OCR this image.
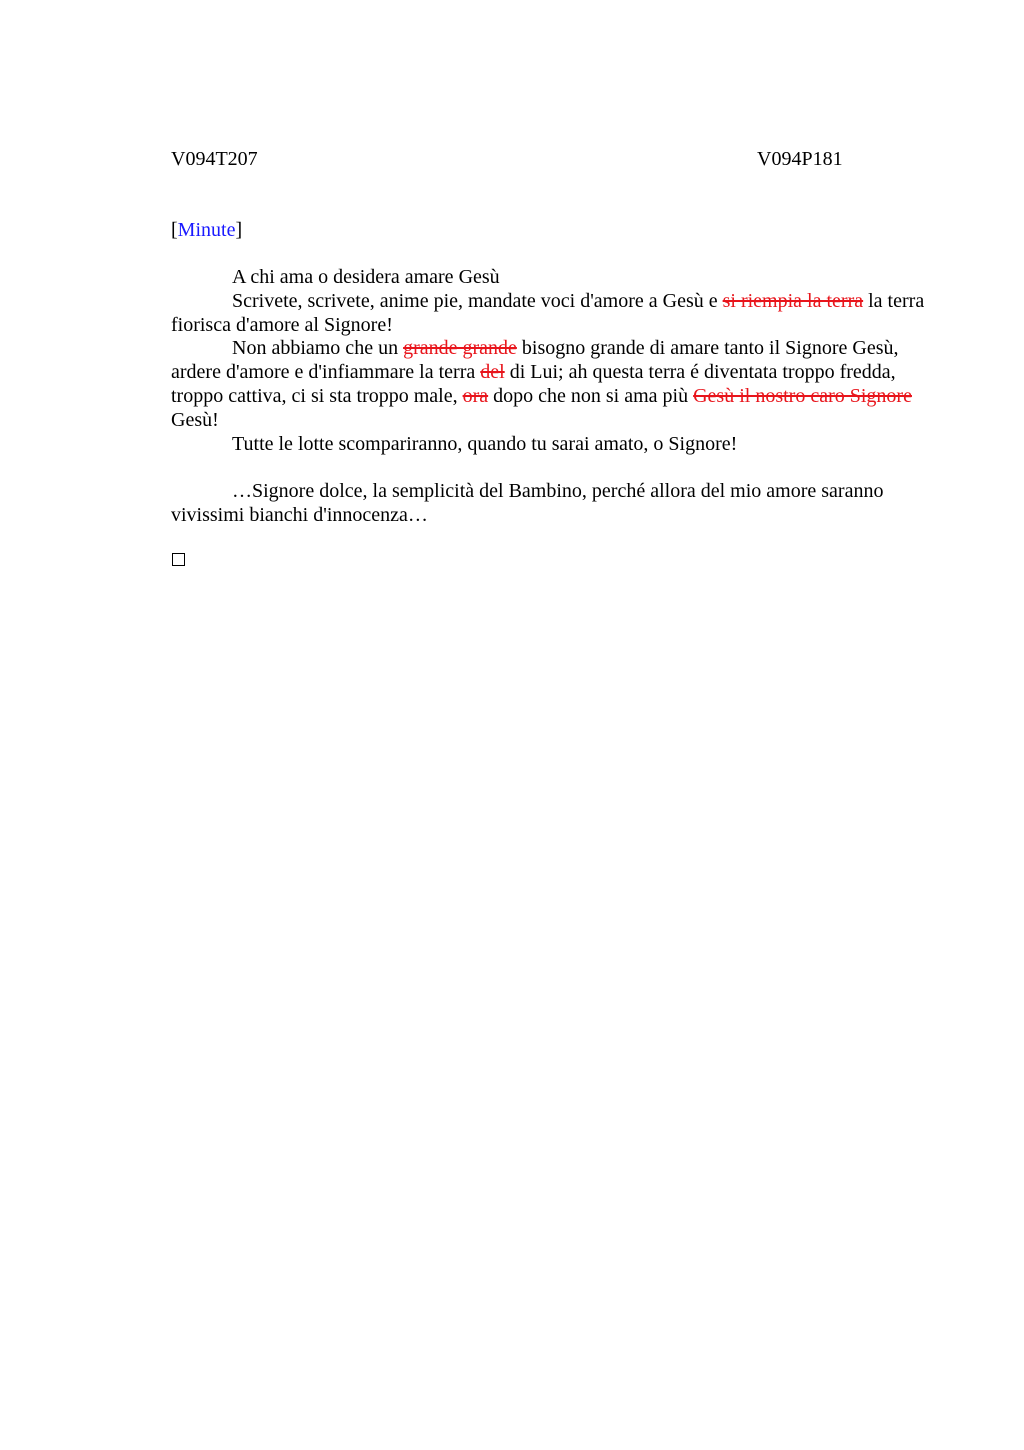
V094T207	V094P181
[Minute]

A chi ama o desidera amare Gesù

Scrivete, scrivete, anime pie, mandate voci d'amore a Gesù e si riempia la terra la terra fiorisca d'amore al Signore!

Non abbiamo che un grande grande bisogno grande di amare tanto il Signore Gesù, ardere d'amore e d'infiammare la terra del di Lui; ah questa terra é diventata troppo fredda, troppo cattiva, ci si sta troppo male, ora dopo che non si ama più Gesù il nostro caro Signore Gesù!

Tutte le lotte scompariranno, quando tu sarai amato, o Signore!

…Signore dolce, la semplicità del Bambino, perché allora del mio amore saranno vivissimi bianchi d'innocenza…
